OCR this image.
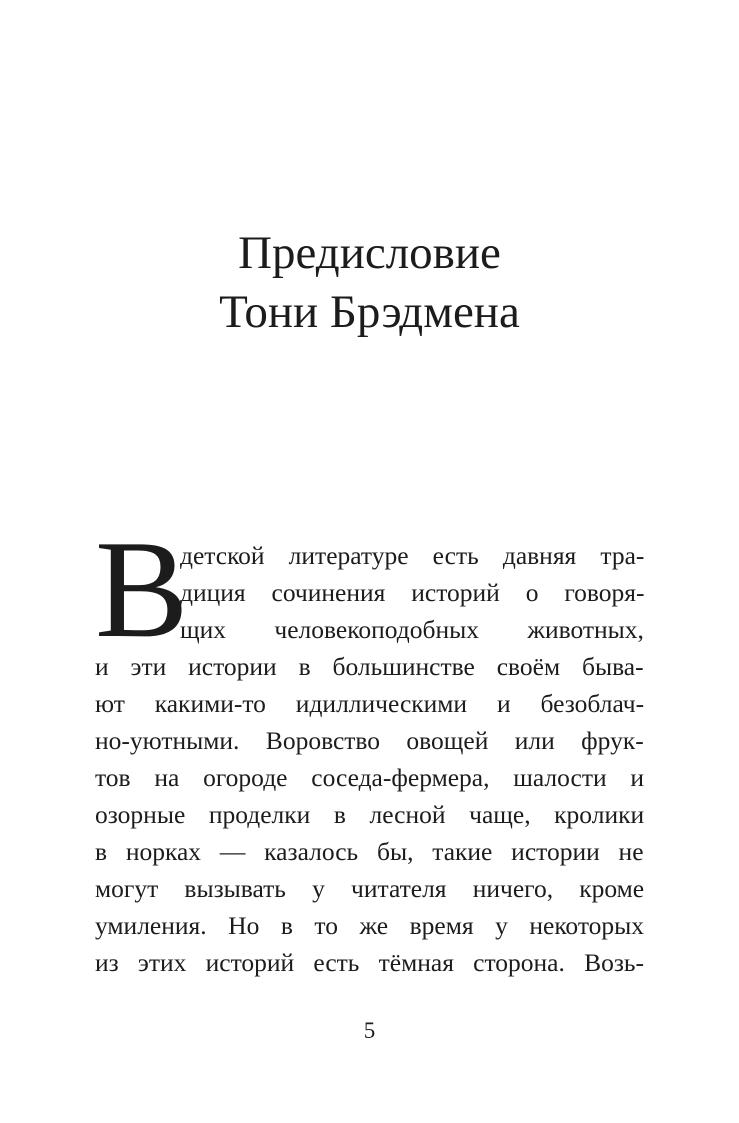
Предисловие
Тони Брэдмена
В
детской литературе есть давняя тра-
диция сочинения историй о говоря-
щих человекоподобных животных,
и эти истории в большинстве своём быва-
ют какими-то идиллическими и безоблач-
но-уютными. Воровство овощей или фрук-
тов на огороде соседа-фермера, шалости и
озорные проделки в лесной чаще, кролики
в норках — казалось бы, такие истории не
могут вызывать у читателя ничего, кроме
умиления. Но в то же время у некоторых
из этих историй есть тёмная сторона. Возь-
5
